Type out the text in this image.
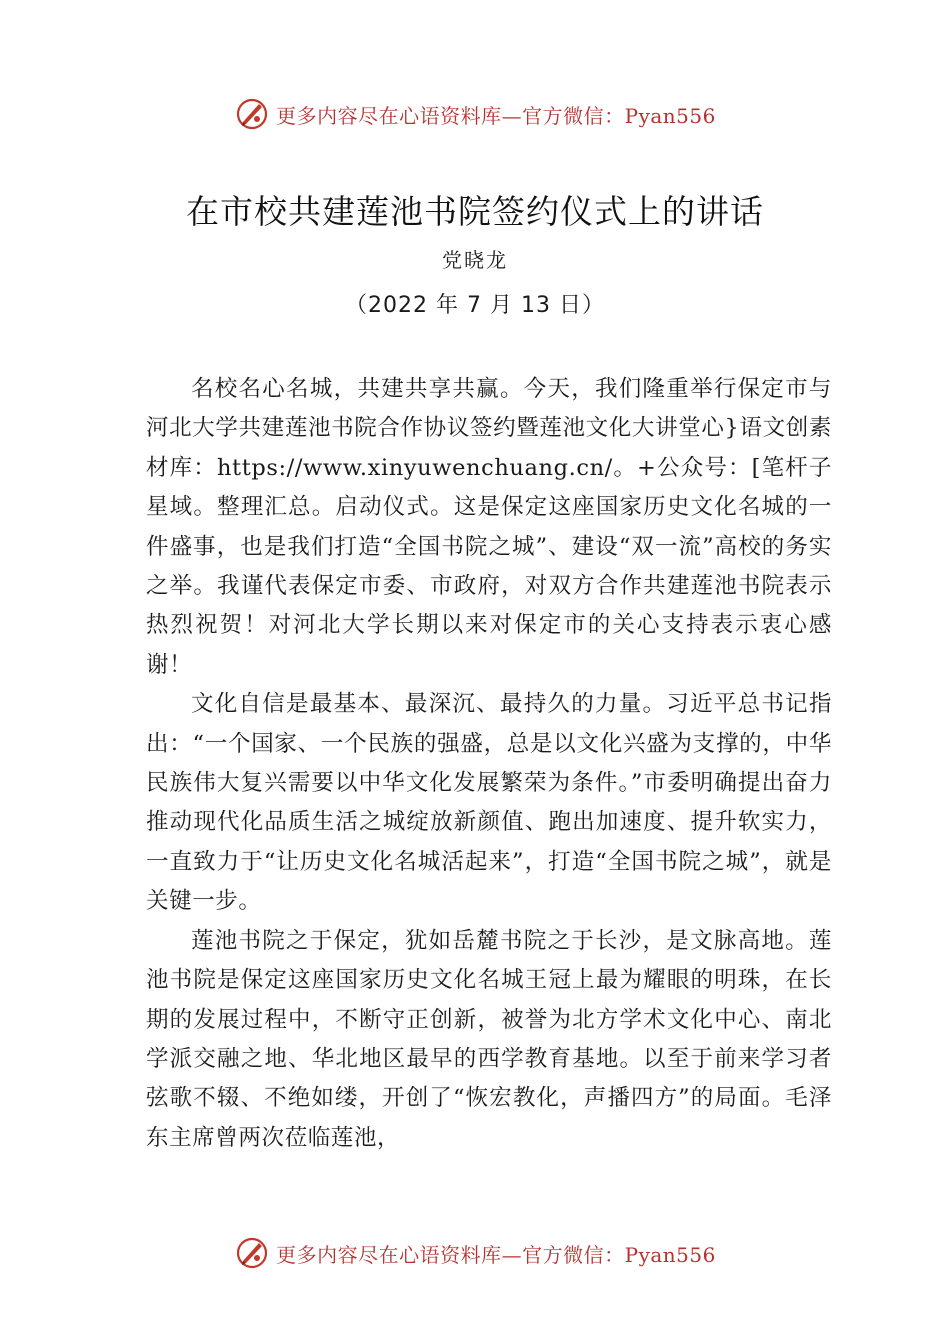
更多内容尽在心语资料库—官方微信：Pyan556
在市校共建莲池书院签约仪式上的讲话
党晓龙
（2022 年 7 月 13 日）

名校名心名城，共建共享共赢。今天，我们隆重举行保定市与河北大学共建莲池书院合作协议签约暨莲池文化大讲堂心}语文创素材库：https://www.xinyuwenchuang.cn/。+公众号：[笔杆子星域。整理汇总。启动仪式。这是保定这座国家历史文化名城的一件盛事，也是我们打造“全国书院之城”、建设“双一流”高校的务实之举。我谨代表保定市委、市政府，对双方合作共建莲池书院表示热烈祝贺！对河北大学长期以来对保定市的关心支持表示衷心感谢！

文化自信是最基本、最深沉、最持久的力量。习近平总书记指出：“一个国家、一个民族的强盛，总是以文化兴盛为支撑的，中华民族伟大复兴需要以中华文化发展繁荣为条件。”市委明确提出奋力推动现代化品质生活之城绽放新颜值、跑出加速度、提升软实力，一直致力于“让历史文化名城活起来”，打造“全国书院之城”，就是关键一步。

莲池书院之于保定，犹如岳麓书院之于长沙，是文脉高地。莲池书院是保定这座国家历史文化名城王冠上最为耀眼的明珠，在长期的发展过程中，不断守正创新，被誉为北方学术文化中心、南北学派交融之地、华北地区最早的西学教育基地。以至于前来学习者弦歌不辍、不绝如缕，开创了“恢宏教化，声播四方”的局面。毛泽东主席曾两次莅临莲池，

更多内容尽在心语资料库—官方微信：Pyan556
